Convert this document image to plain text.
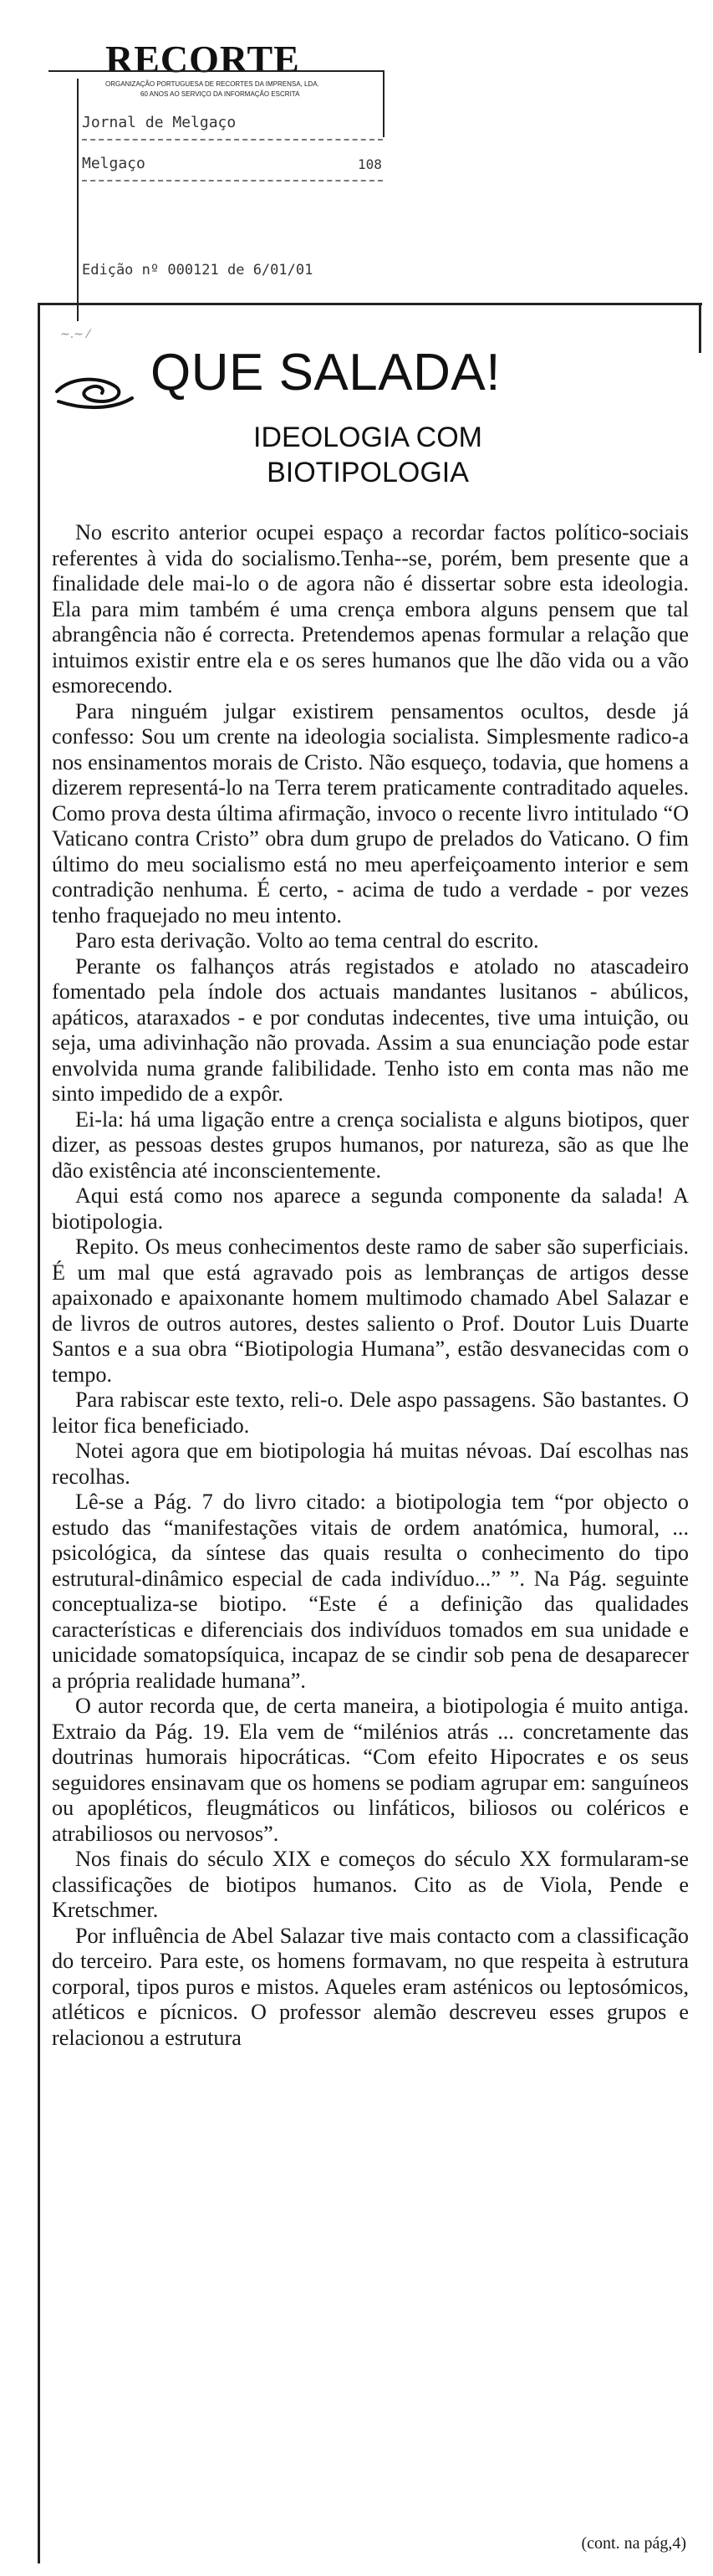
RECORTE
ORGANIZAÇÃO PORTUGUESA DE RECORTES DA IMPRENSA, LDA.
60 ANOS AO SERVIÇO DA INFORMAÇÃO ESCRITA
Jornal de Melgaço
Melgaço	108
Edição nº 000121 de 6/01/01
~.~ ⁄
QUE SALADA!
IDEOLOGIA COM
BIOTIPOLOGIA

No escrito anterior ocupei espaço a recordar factos político-sociais referentes à vida do socialismo.Tenha--se, porém, bem presente que a finalidade dele mai-lo o de agora não é dissertar sobre esta ideologia. Ela para mim também é uma crença embora alguns pensem que tal abrangência não é correcta. Pretendemos apenas formular a relação que intuimos existir entre ela e os seres humanos que lhe dão vida ou a vão esmorecendo.

Para ninguém julgar existirem pensamentos ocultos, desde já confesso: Sou um crente na ideologia socialista. Simplesmente radico-a nos ensinamentos morais de Cristo. Não esqueço, todavia, que homens a dizerem representá-lo na Terra terem praticamente contraditado aqueles. Como prova desta última afirmação, invoco o recente livro intitulado “O Vaticano contra Cristo” obra dum grupo de prelados do Vaticano. O fim último do meu socialismo está no meu aperfeiçoamento interior e sem contradição nenhuma. É certo, - acima de tudo a verdade - por vezes tenho fraquejado no meu intento.

Paro esta derivação. Volto ao tema central do escrito.

Perante os falhanços atrás registados e atolado no atascadeiro fomentado pela índole dos actuais mandantes lusitanos - abúlicos, apáticos, ataraxados - e por condutas indecentes, tive uma intuição, ou seja, uma adivinhação não provada. Assim a sua enunciação pode estar envolvida numa grande falibilidade. Tenho isto em conta mas não me sinto impedido de a expôr.

Ei-la: há uma ligação entre a crença socialista e alguns biotipos, quer dizer, as pessoas destes grupos humanos, por natureza, são as que lhe dão existência até inconscientemente.

Aqui está como nos aparece a segunda componente da salada! A biotipologia.

Repito. Os meus conhecimentos deste ramo de saber são superficiais. É um mal que está agravado pois as lembranças de artigos desse apaixonado e apaixonante homem multimodo chamado Abel Salazar e de livros de outros autores, destes saliento o Prof. Doutor Luis Duarte Santos e a sua obra “Biotipologia Humana”, estão desvanecidas com o tempo.

Para rabiscar este texto, reli-o. Dele aspo passagens. São bastantes. O leitor fica beneficiado.

Notei agora que em biotipologia há muitas névoas. Daí escolhas nas recolhas.

Lê-se a Pág. 7 do livro citado: a biotipologia tem “por objecto o estudo das “manifestações vitais de ordem anatómica, humoral, ... psicológica, da síntese das quais resulta o conhecimento do tipo estrutural-dinâmico especial de cada indivíduo...” ”. Na Pág. seguinte conceptualiza-se biotipo. “Este é a definição das qualidades características e diferenciais dos indivíduos tomados em sua unidade e unicidade somatopsíquica, incapaz de se cindir sob pena de desaparecer a própria realidade humana”.

O autor recorda que, de certa maneira, a biotipologia é muito antiga. Extraio da Pág. 19. Ela vem de “milénios atrás ... concretamente das doutrinas humorais hipocráticas. “Com efeito Hipocrates e os seus seguidores ensinavam que os homens se podiam agrupar em: sanguíneos ou apopléticos, fleugmáticos ou linfáticos, biliosos ou coléricos e atrabiliosos ou nervosos”.

Nos finais do século XIX e começos do século XX formularam-se classificações de biotipos humanos. Cito as de Viola, Pende e Kretschmer.

Por influência de Abel Salazar tive mais contacto com a classificação do terceiro. Para este, os homens formavam, no que respeita à estrutura corporal, tipos puros e mistos. Aqueles eram asténicos ou leptosómicos, atléticos e pícnicos. O professor alemão descreveu esses grupos e relacionou a estrutura

(cont. na pág,4)
